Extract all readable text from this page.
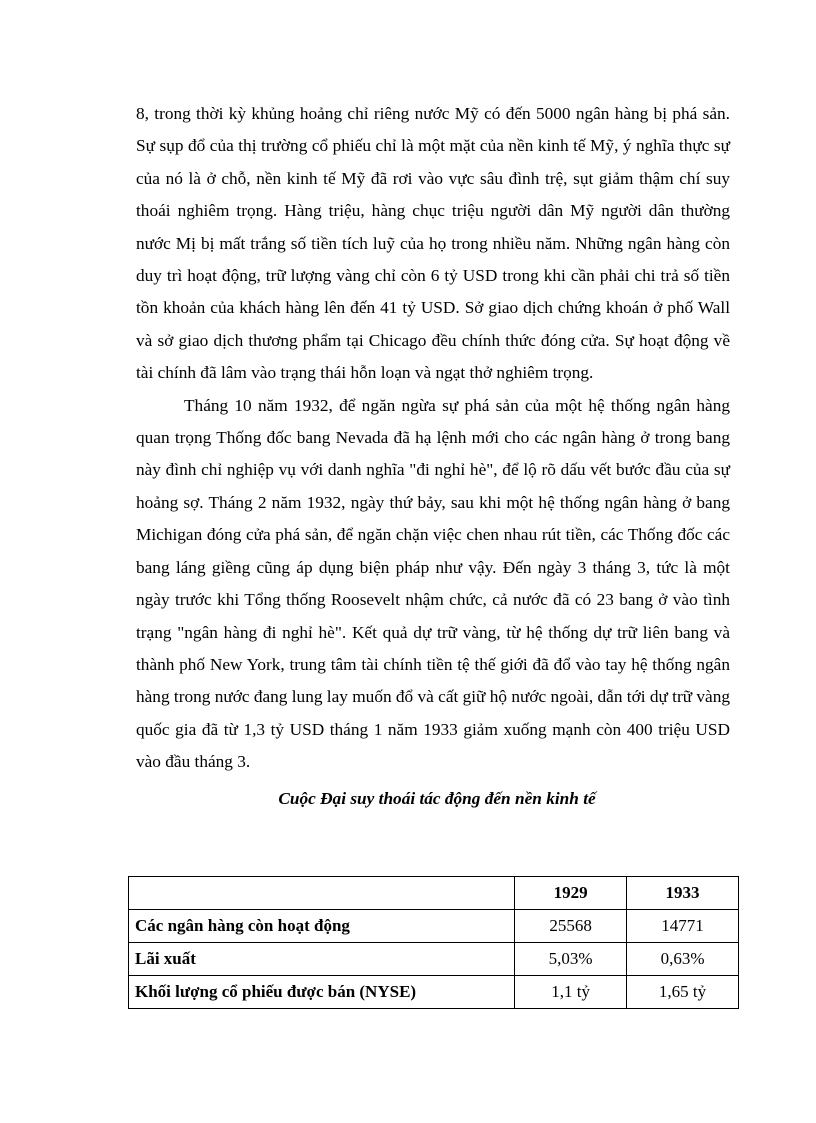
8, trong thời kỳ khủng hoảng chỉ riêng nước Mỹ có đến 5000 ngân hàng bị phá sản. Sự sụp đổ của thị trường cổ phiếu chỉ là một mặt của nền kinh tế Mỹ, ý nghĩa thực sự của nó là ở chỗ, nền kinh tế Mỹ đã rơi vào vực sâu đình trệ, sụt giảm thậm chí suy thoái nghiêm trọng. Hàng triệu, hàng chục triệu người dân Mỹ người dân thường nước Mị bị mất trắng số tiền tích luỹ của họ trong nhiều năm. Những ngân hàng còn duy trì hoạt động, trữ lượng vàng chỉ còn 6 tỷ USD trong khi cần phải chi trả số tiền tồn khoản của khách hàng lên đến 41 tỷ USD. Sở giao dịch chứng khoán ở phố Wall và sở giao dịch thương phẩm tại Chicago đều chính thức đóng cửa. Sự hoạt động về tài chính đã lâm vào trạng thái hỗn loạn và ngạt thở nghiêm trọng.

Tháng 10 năm 1932, để ngăn ngừa sự phá sản của một hệ thống ngân hàng quan trọng Thống đốc bang Nevada đã hạ lệnh mới cho các ngân hàng ở trong bang này đình chỉ nghiệp vụ với danh nghĩa "đi nghỉ hè", để lộ rõ dấu vết bước đầu của sự hoảng sợ. Tháng 2 năm 1932, ngày thứ bảy, sau khi một hệ thống ngân hàng ở bang Michigan đóng cửa phá sản, để ngăn chặn việc chen nhau rút tiền, các Thống đốc các bang láng giềng cũng áp dụng biện pháp như vậy. Đến ngày 3 tháng 3, tức là một ngày trước khi Tổng thống Roosevelt nhậm chức, cả nước đã có 23 bang ở vào tình trạng "ngân hàng đi nghỉ hè". Kết quả dự trữ vàng, từ hệ thống dự trữ liên bang và thành phố New York, trung tâm tài chính tiền tệ thế giới đã đổ vào tay hệ thống ngân hàng trong nước đang lung lay muốn đổ và cất giữ hộ nước ngoài, dẫn tới dự trữ vàng quốc gia đã từ 1,3 tỷ USD tháng 1 năm 1933 giảm xuống mạnh còn 400 triệu USD vào đầu tháng 3.

Cuộc Đại suy thoái tác động đến nền kinh tế

	1929	1933
Các ngân hàng còn hoạt động	25568	14771
Lãi xuất	5,03%	0,63%
Khối lượng cổ phiếu được bán (NYSE)	1,1 tỷ	1,65 tỷ
